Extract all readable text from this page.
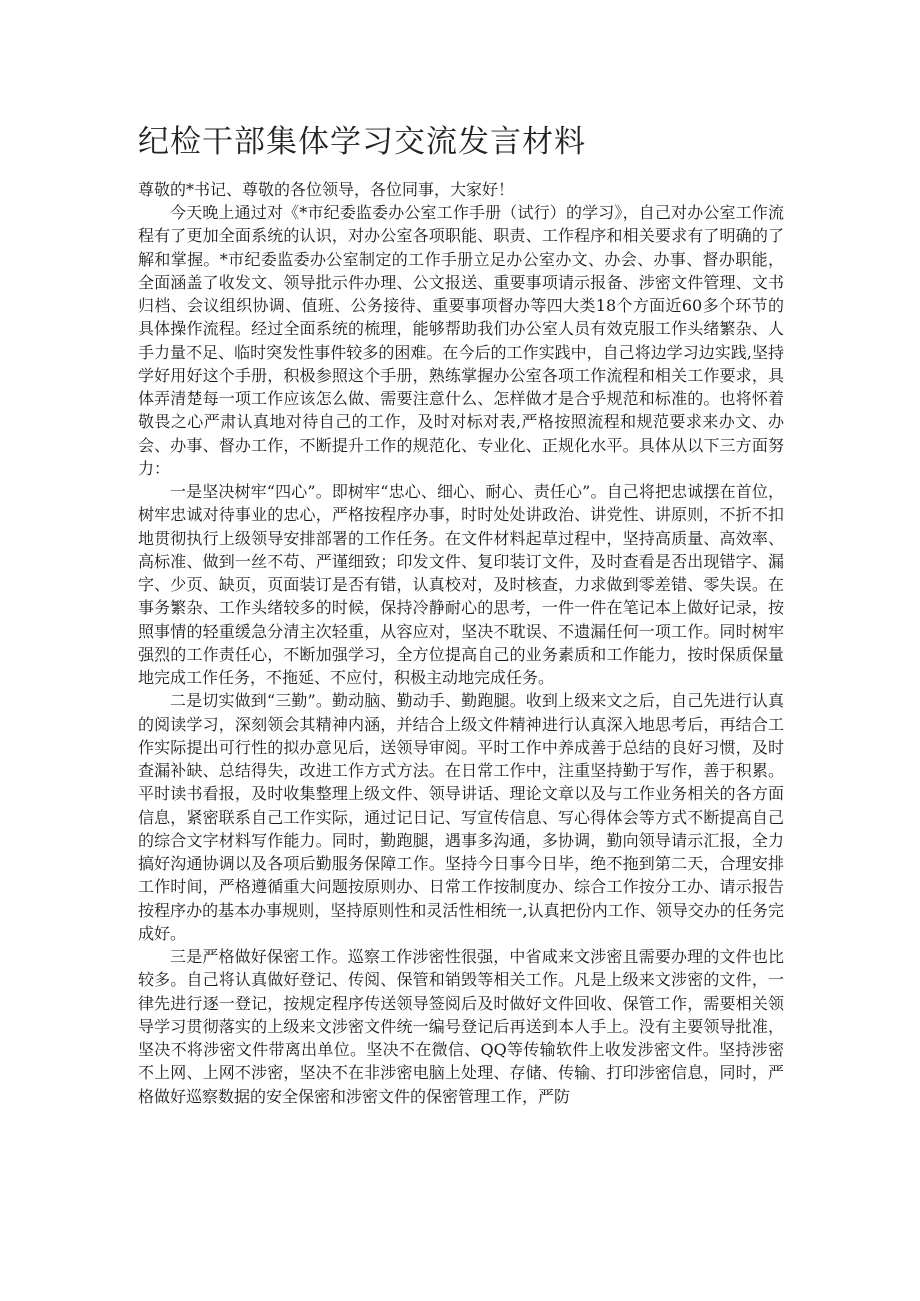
纪检干部集体学习交流发言材料

尊敬的*书记、尊敬的各位领导，各位同事，大家好！

今天晚上通过对《*市纪委监委办公室工作手册（试行）的学习》，自己对办公室工作流程有了更加全面系统的认识，对办公室各项职能、职责、工作程序和相关要求有了明确的了解和掌握。*市纪委监委办公室制定的工作手册立足办公室办文、办会、办事、督办职能，全面涵盖了收发文、领导批示件办理、公文报送、重要事项请示报备、涉密文件管理、文书归档、会议组织协调、值班、公务接待、重要事项督办等四大类18个方面近60多个环节的具体操作流程。经过全面系统的梳理，能够帮助我们办公室人员有效克服工作头绪繁杂、人手力量不足、临时突发性事件较多的困难。在今后的工作实践中，自己将边学习边实践,坚持学好用好这个手册，积极参照这个手册，熟练掌握办公室各项工作流程和相关工作要求，具体弄清楚每一项工作应该怎么做、需要注意什么、怎样做才是合乎规范和标准的。也将怀着敬畏之心严肃认真地对待自己的工作，及时对标对表,严格按照流程和规范要求来办文、办会、办事、督办工作，不断提升工作的规范化、专业化、正规化水平。具体从以下三方面努力：

一是坚决树牢“四心”。即树牢“忠心、细心、耐心、责任心”。自己将把忠诚摆在首位，树牢忠诚对待事业的忠心，严格按程序办事，时时处处讲政治、讲党性、讲原则，不折不扣地贯彻执行上级领导安排部署的工作任务。在文件材料起草过程中，坚持高质量、高效率、高标准、做到一丝不苟、严谨细致；印发文件、复印装订文件，及时查看是否出现错字、漏字、少页、缺页，页面装订是否有错，认真校对，及时核查，力求做到零差错、零失误。在事务繁杂、工作头绪较多的时候，保持冷静耐心的思考，一件一件在笔记本上做好记录，按照事情的轻重缓急分清主次轻重，从容应对，坚决不耽误、不遗漏任何一项工作。同时树牢强烈的工作责任心，不断加强学习，全方位提高自己的业务素质和工作能力，按时保质保量地完成工作任务，不拖延、不应付，积极主动地完成任务。

二是切实做到“三勤”。勤动脑、勤动手、勤跑腿。收到上级来文之后，自己先进行认真的阅读学习，深刻领会其精神内涵，并结合上级文件精神进行认真深入地思考后，再结合工作实际提出可行性的拟办意见后，送领导审阅。平时工作中养成善于总结的良好习惯，及时查漏补缺、总结得失，改进工作方式方法。在日常工作中，注重坚持勤于写作，善于积累。平时读书看报，及时收集整理上级文件、领导讲话、理论文章以及与工作业务相关的各方面信息，紧密联系自己工作实际，通过记日记、写宣传信息、写心得体会等方式不断提高自己的综合文字材料写作能力。同时，勤跑腿，遇事多沟通，多协调，勤向领导请示汇报，全力搞好沟通协调以及各项后勤服务保障工作。坚持今日事今日毕，绝不拖到第二天，合理安排工作时间，严格遵循重大问题按原则办、日常工作按制度办、综合工作按分工办、请示报告按程序办的基本办事规则，坚持原则性和灵活性相统一,认真把份内工作、领导交办的任务完成好。

三是严格做好保密工作。巡察工作涉密性很强，中省咸来文涉密且需要办理的文件也比较多。自己将认真做好登记、传阅、保管和销毁等相关工作。凡是上级来文涉密的文件，一律先进行逐一登记，按规定程序传送领导签阅后及时做好文件回收、保管工作，需要相关领导学习贯彻落实的上级来文涉密文件统一编号登记后再送到本人手上。没有主要领导批准，坚决不将涉密文件带离出单位。坚决不在微信、QQ等传输软件上收发涉密文件。坚持涉密不上网、上网不涉密，坚决不在非涉密电脑上处理、存储、传输、打印涉密信息，同时，严格做好巡察数据的安全保密和涉密文件的保密管理工作，严防
